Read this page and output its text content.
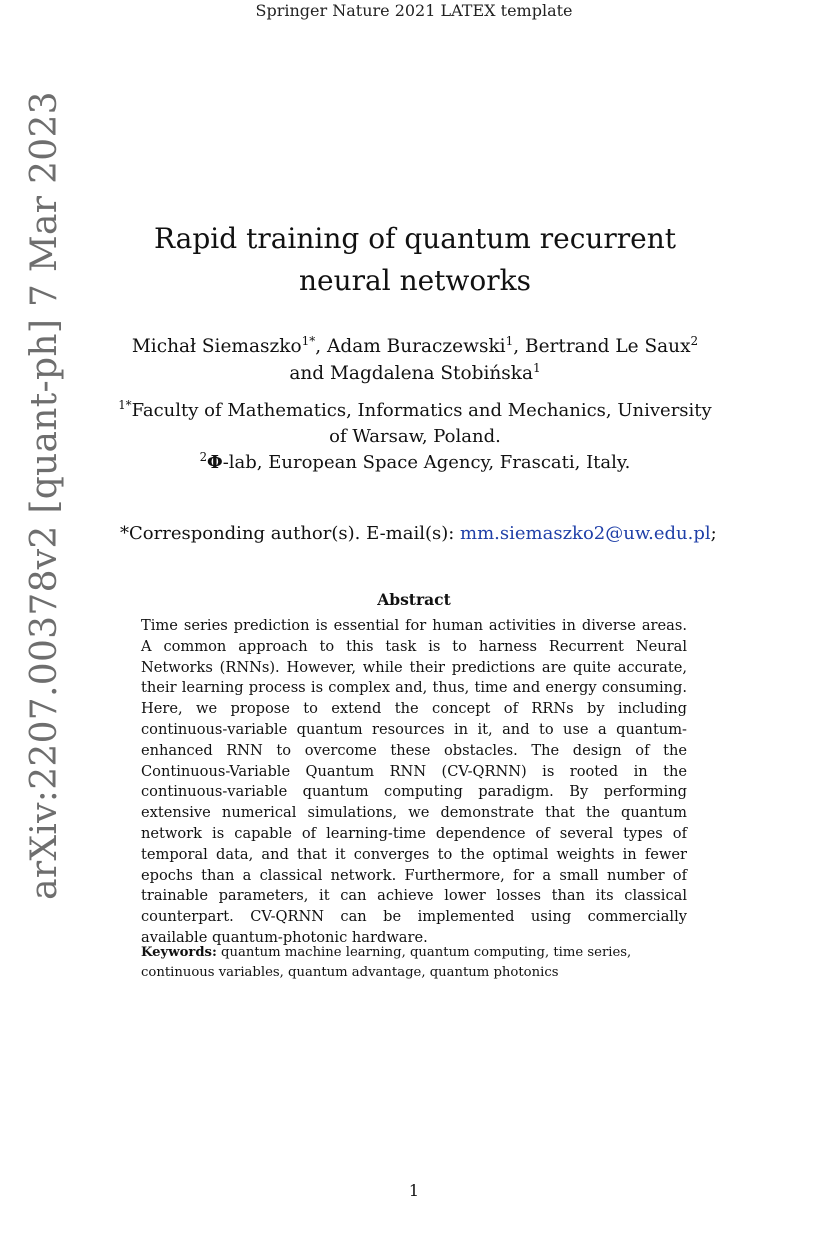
Springer Nature 2021 LATEX template
arXiv:2207.00378v2 [quant-ph] 7 Mar 2023	Rapid training of quantum recurrent
neural networks
Michał Siemaszko$^{1*}$, Adam Buraczewski$^1$, Bertrand Le Saux$^2$
and Magdalena Stobińska$^1$
$^{1*}$Faculty of Mathematics, Informatics and Mechanics, University
of Warsaw, Poland.
$^2$Φ-lab, European Space Agency, Frascati, Italy.
*Corresponding author(s). E-mail(s): mm.siemaszko2@uw.edu.pl;
Abstract
Time series prediction is essential for human activities in diverse areas. A common approach to this task is to harness Recurrent Neural Networks (RNNs). However, while their predictions are quite accurate, their learning process is complex and, thus, time and energy consuming. Here, we propose to extend the concept of RRNs by including continuous-variable quantum resources in it, and to use a quantum-enhanced RNN to overcome these obstacles. The design of the Continuous-Variable Quantum RNN (CV-QRNN) is rooted in the continuous-variable quantum computing paradigm. By performing extensive numerical simulations, we demonstrate that the quantum network is capable of learning-time dependence of several types of temporal data, and that it converges to the optimal weights in fewer epochs than a classical network. Furthermore, for a small number of trainable parameters, it can achieve lower losses than its classical counterpart. CV-QRNN can be implemented using commercially available quantum-photonic hardware.
Keywords: quantum machine learning, quantum computing, time series, continuous variables, quantum advantage, quantum photonics
1
